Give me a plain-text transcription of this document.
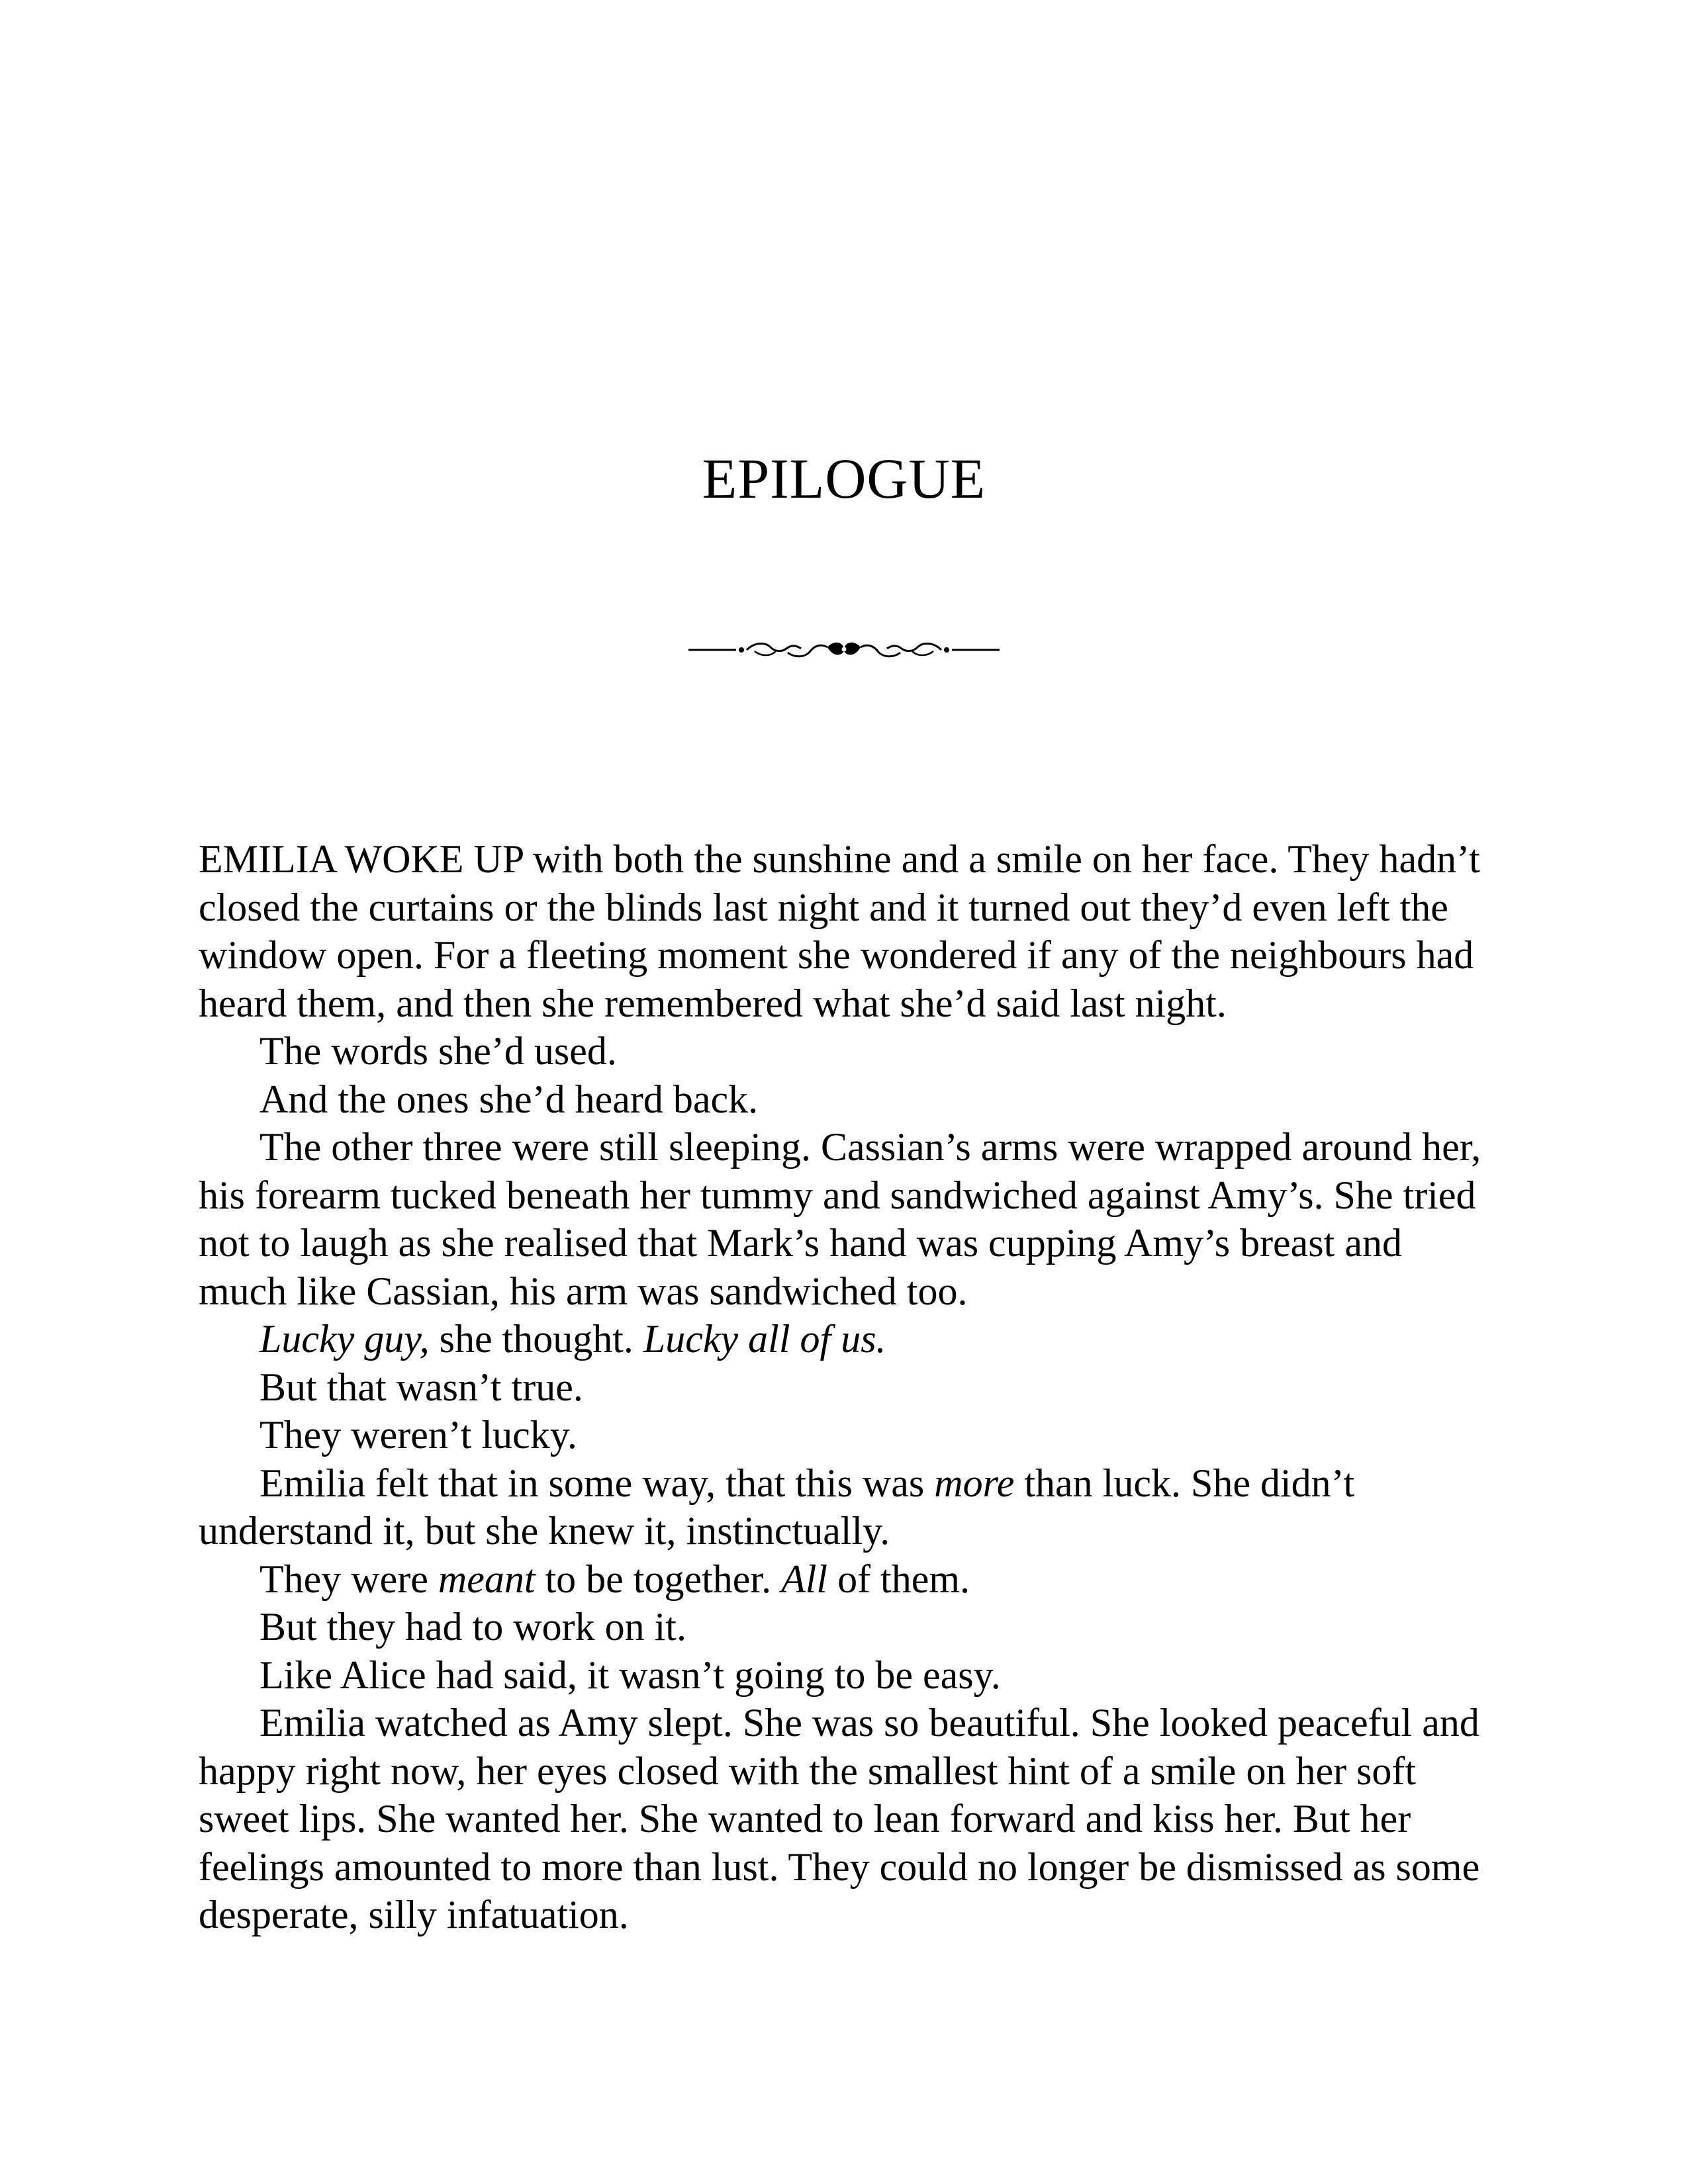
EPILOGUE

EMILIA WOKE UP with both the sunshine and a smile on her face. They hadn’t closed the curtains or the blinds last night and it turned out they’d even left the window open. For a fleeting moment she wondered if any of the neighbours had heard them, and then she remembered what she’d said last night.

The words she’d used.

And the ones she’d heard back.

The other three were still sleeping. Cassian’s arms were wrapped around her, his forearm tucked beneath her tummy and sandwiched against Amy’s. She tried not to laugh as she realised that Mark’s hand was cupping Amy’s breast and much like Cassian, his arm was sandwiched too.

Lucky guy, she thought. Lucky all of us.

But that wasn’t true.

They weren’t lucky.

Emilia felt that in some way, that this was more than luck. She didn’t understand it, but she knew it, instinctually.

They were meant to be together. All of them.

But they had to work on it.

Like Alice had said, it wasn’t going to be easy.

Emilia watched as Amy slept. She was so beautiful. She looked peaceful and happy right now, her eyes closed with the smallest hint of a smile on her soft sweet lips. She wanted her. She wanted to lean forward and kiss her. But her feelings amounted to more than lust. They could no longer be dismissed as some desperate, silly infatuation.
